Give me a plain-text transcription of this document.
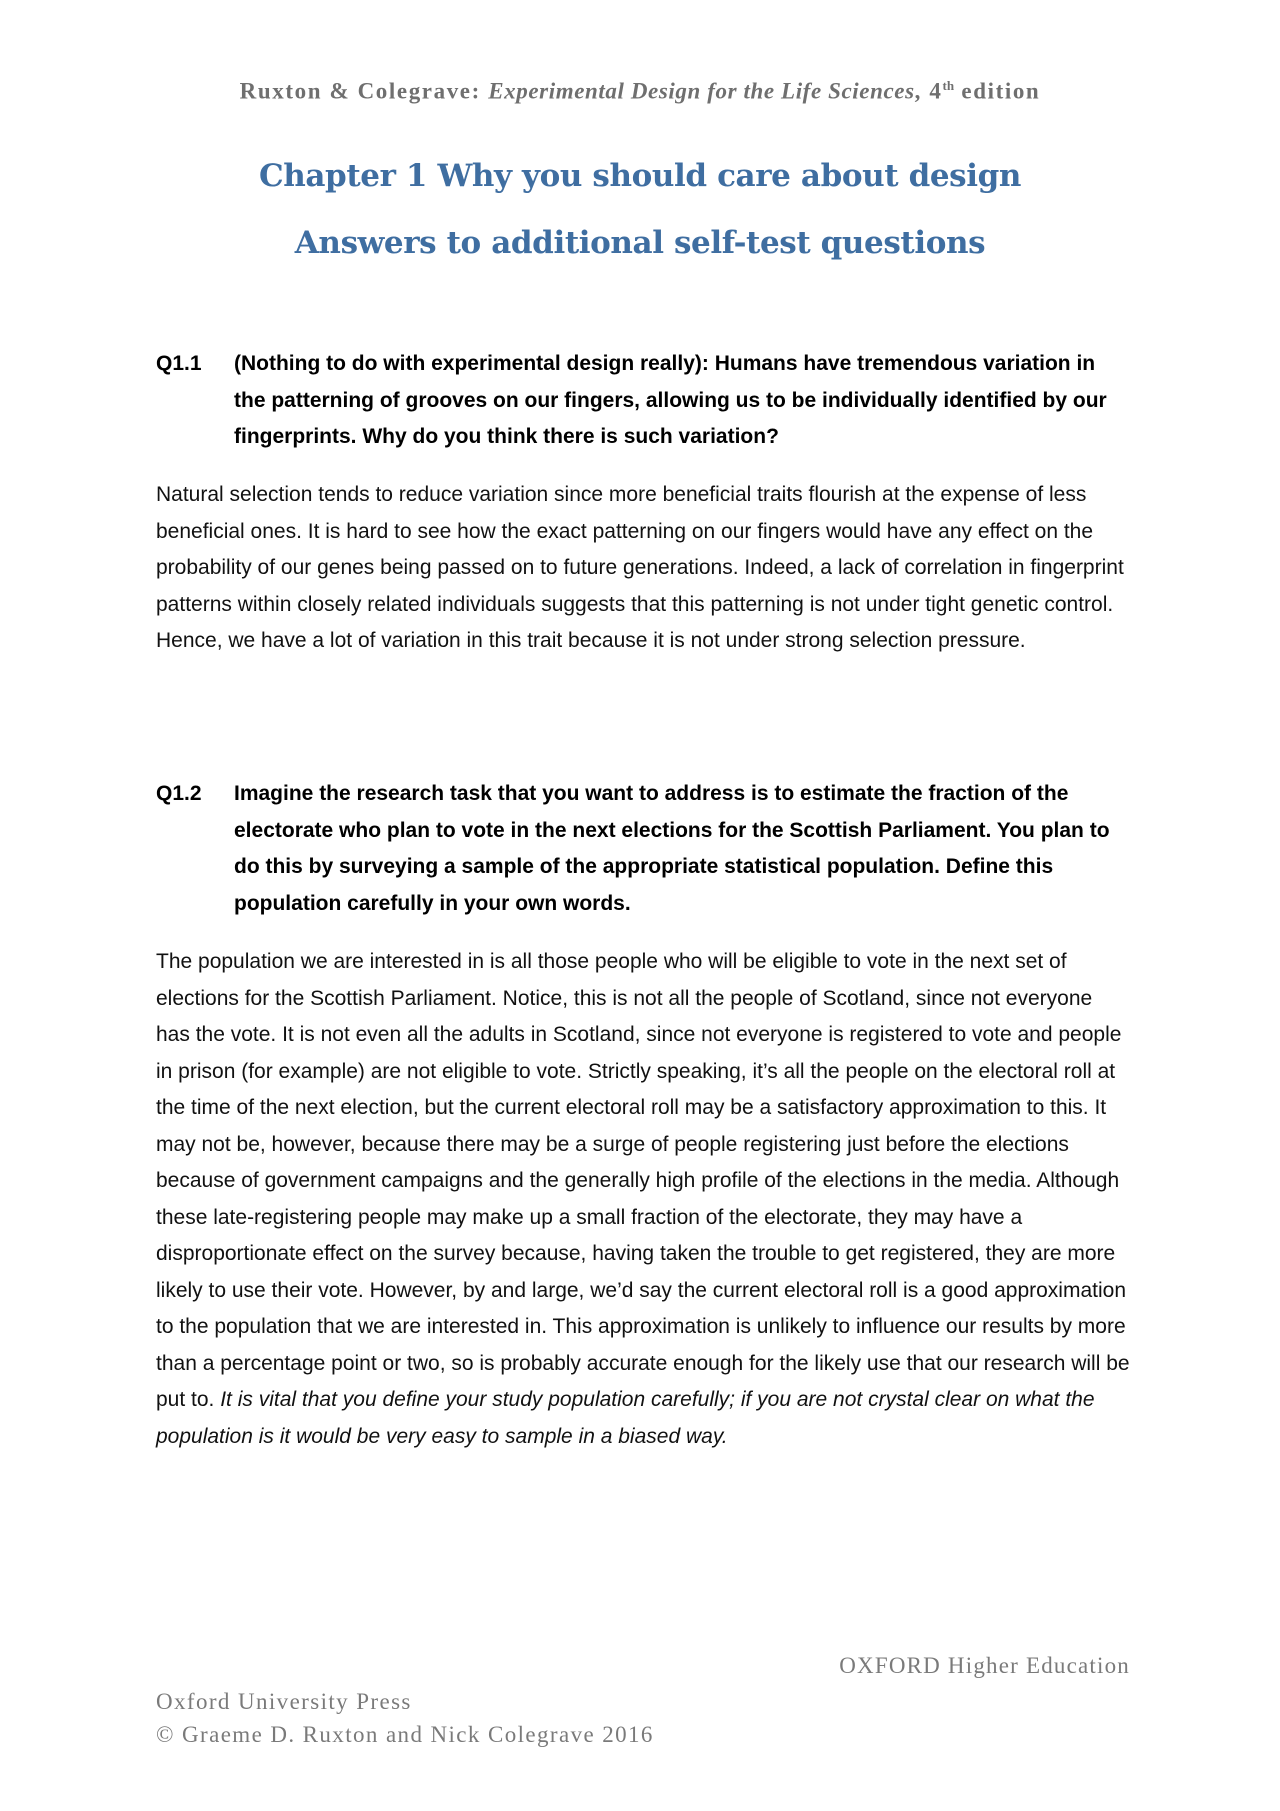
Ruxton & Colegrave: Experimental Design for the Life Sciences, 4th edition
Chapter 1 Why you should care about design
Answers to additional self-test questions
Q1.1	(Nothing to do with experimental design really): Humans have tremendous variation in the patterning of grooves on our fingers, allowing us to be individually identified by our fingerprints. Why do you think there is such variation?

Natural selection tends to reduce variation since more beneficial traits flourish at the expense of less beneficial ones. It is hard to see how the exact patterning on our fingers would have any effect on the probability of our genes being passed on to future generations. Indeed, a lack of correlation in fingerprint patterns within closely related individuals suggests that this patterning is not under tight genetic control. Hence, we have a lot of variation in this trait because it is not under strong selection pressure.

Q1.2	Imagine the research task that you want to address is to estimate the fraction of the electorate who plan to vote in the next elections for the Scottish Parliament. You plan to do this by surveying a sample of the appropriate statistical population. Define this population carefully in your own words.

The population we are interested in is all those people who will be eligible to vote in the next set of elections for the Scottish Parliament. Notice, this is not all the people of Scotland, since not everyone has the vote. It is not even all the adults in Scotland, since not everyone is registered to vote and people in prison (for example) are not eligible to vote. Strictly speaking, it’s all the people on the electoral roll at the time of the next election, but the current electoral roll may be a satisfactory approximation to this. It may not be, however, because there may be a surge of people registering just before the elections because of government campaigns and the generally high profile of the elections in the media. Although these late-registering people may make up a small fraction of the electorate, they may have a disproportionate effect on the survey because, having taken the trouble to get registered, they are more likely to use their vote. However, by and large, we’d say the current electoral roll is a good approximation to the population that we are interested in. This approximation is unlikely to influence our results by more than a percentage point or two, so is probably accurate enough for the likely use that our research will be put to. It is vital that you define your study population carefully; if you are not crystal clear on what the population is it would be very easy to sample in a biased way.

OXFORD Higher Education
Oxford University Press
© Graeme D. Ruxton and Nick Colegrave 2016
